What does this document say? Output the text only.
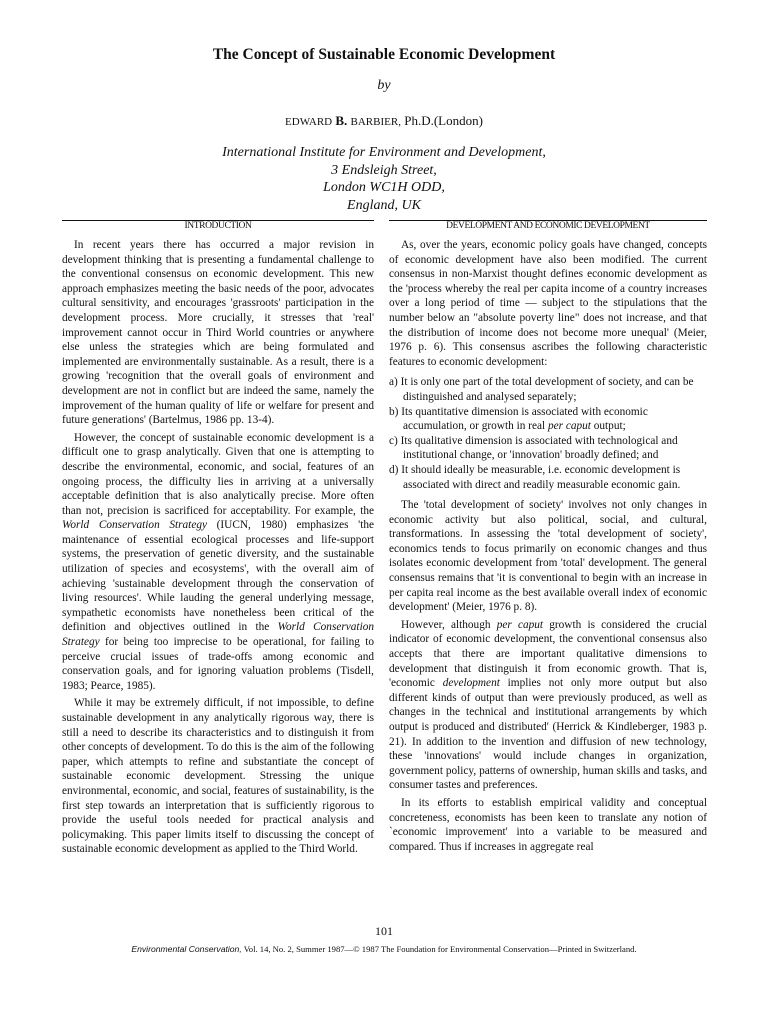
The Concept of Sustainable Economic Development
by
EDWARD B. BARBIER, Ph.D.(London)
International Institute for Environment and Development,
3 Endsleigh Street,
London WC1H ODD,
England, UK
INTRODUCTION	DEVELOPMENT AND ECONOMIC DEVELOPMENT

In recent years there has occurred a major revision in development thinking that is presenting a fundamental challenge to the conventional consensus on economic development. This new approach emphasizes meeting the basic needs of the poor, advocates cultural sensitivity, and encourages 'grassroots' participation in the development process. More crucially, it stresses that 'real' improvement cannot occur in Third World countries or anywhere else unless the strategies which are being formulated and implemented are environmentally sustainable. As a result, there is a growing 'recognition that the overall goals of environment and development are not in conflict but are indeed the same, namely the improvement of the human quality of life or welfare for present and future generations' (Bartelmus, 1986 pp. 13-4).

However, the concept of sustainable economic development is a difficult one to grasp analytically. Given that one is attempting to describe the environmental, economic, and social, features of an ongoing process, the difficulty lies in arriving at a universally acceptable definition that is also analytically precise. More often than not, precision is sacrificed for acceptability. For example, the World Conservation Strategy (IUCN, 1980) emphasizes 'the maintenance of essential ecological processes and life-support systems, the preservation of genetic diversity, and the sustainable utilization of species and ecosystems', with the overall aim of achieving 'sustainable development through the conservation of living resources'. While lauding the general underlying message, sympathetic economists have nonetheless been critical of the definition and objectives outlined in the World Conservation Strategy for being too imprecise to be operational, for failing to perceive crucial issues of trade-offs among economic and conservation goals, and for ignoring valuation problems (Tisdell, 1983; Pearce, 1985).

While it may be extremely difficult, if not impossible, to define sustainable development in any analytically rigorous way, there is still a need to describe its characteristics and to distinguish it from other concepts of development. To do this is the aim of the following paper, which attempts to refine and substantiate the concept of sustainable economic development. Stressing the unique environmental, economic, and social, features of sustainability, is the first step towards an interpretation that is sufficiently rigorous to provide the useful tools needed for practical analysis and policymaking. This paper limits itself to discussing the concept of sustainable economic development as applied to the Third World.

As, over the years, economic policy goals have changed, concepts of economic development have also been modified. The current consensus in non-Marxist thought defines economic development as the 'process whereby the real per capita income of a country increases over a long period of time — subject to the stipulations that the number below an "absolute poverty line" does not increase, and that the distribution of income does not become more unequal' (Meier, 1976 p. 6). This consensus ascribes the following characteristic features to economic development:

a) It is only one part of the total development of society, and can be distinguished and analysed separately;
b) Its quantitative dimension is associated with economic accumulation, or growth in real per caput output;
c) Its qualitative dimension is associated with technological and institutional change, or 'innovation' broadly defined; and
d) It should ideally be measurable, i.e. economic development is associated with direct and readily measurable economic gain.

The 'total development of society' involves not only changes in economic activity but also political, social, and cultural, transformations. In assessing the 'total development of society', economics tends to focus primarily on economic changes and thus isolates economic development from 'total' development. The general consensus remains that 'it is conventional to begin with an increase in per capita real income as the best available overall index of economic development' (Meier, 1976 p. 8).

However, although per caput growth is considered the crucial indicator of economic development, the conventional consensus also accepts that there are important qualitative dimensions to development that distinguish it from economic growth. That is, 'economic development implies not only more output but also different kinds of output than were previously produced, as well as changes in the technical and institutional arrangements by which output is produced and distributed' (Herrick & Kindleberger, 1983 p. 21). In addition to the invention and diffusion of new technology, these 'innovations' would include changes in organization, government policy, patterns of ownership, human skills and tasks, and consumer tastes and preferences.

In its efforts to establish empirical validity and conceptual concreteness, economists has been keen to translate any notion of `economic improvement' into a variable to be measured and compared. Thus if increases in aggregate real

101
Environmental Conservation, Vol. 14, No. 2, Summer 1987—© 1987 The Foundation for Environmental Conservation—Printed in Switzerland.
